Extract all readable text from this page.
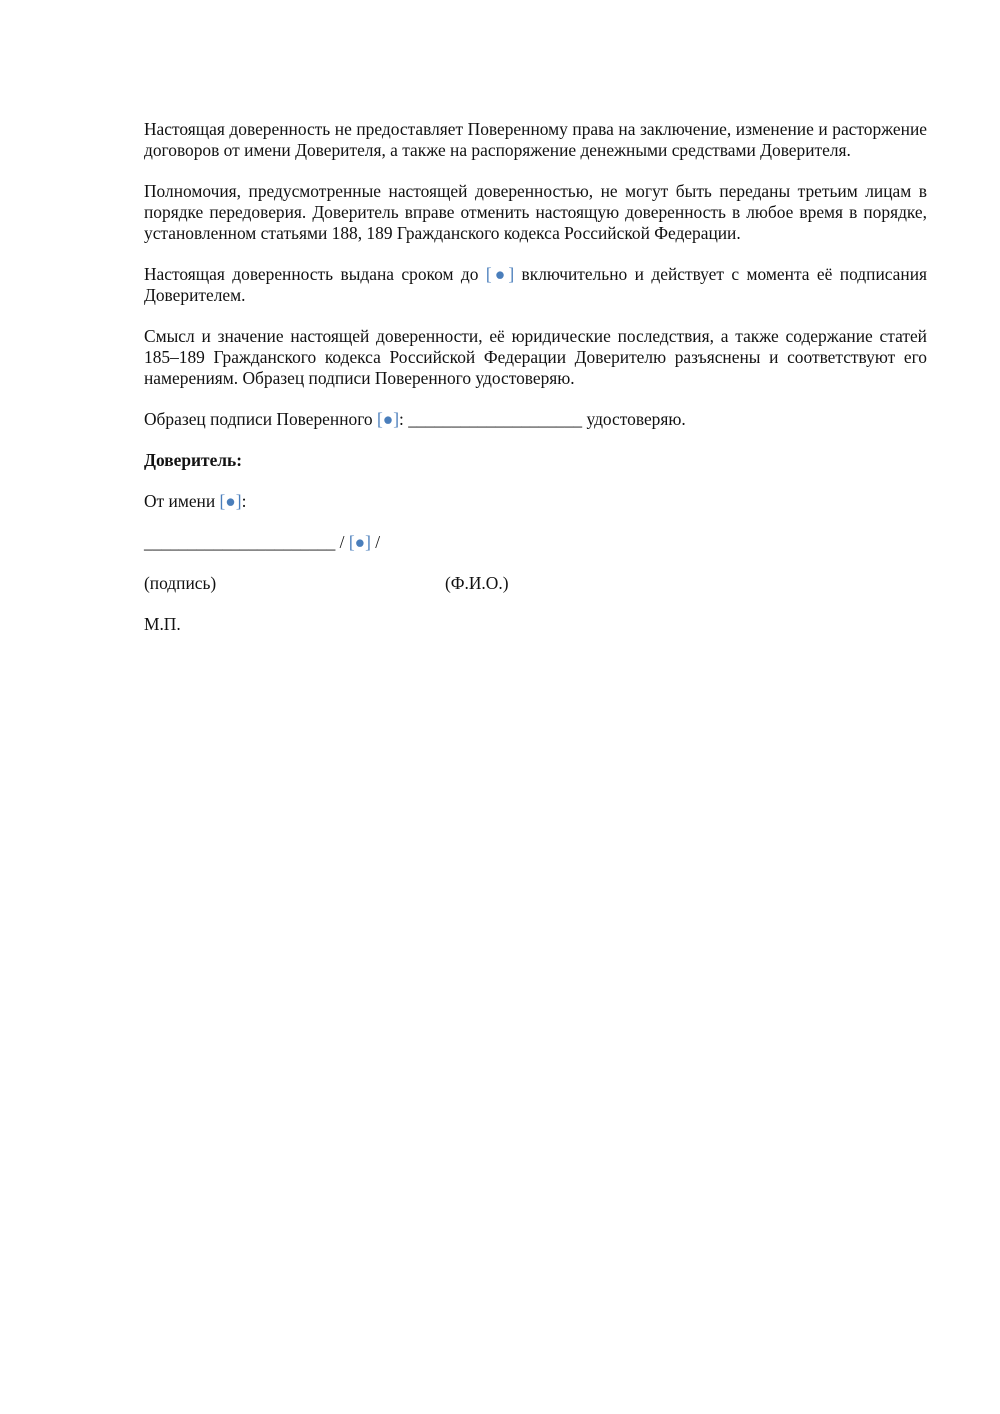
Настоящая доверенность не предоставляет Поверенному права на заключение, изменение и расторжение договоров от имени Доверителя, а также на распоряжение денежными средствами Доверителя.

Полномочия, предусмотренные настоящей доверенностью, не могут быть переданы третьим лицам в порядке передоверия. Доверитель вправе отменить настоящую доверенность в любое время в порядке, установленном статьями 188, 189 Гражданского кодекса Российской Федерации.

Настоящая доверенность выдана сроком до [●] включительно и действует с момента её подписания Доверителем.

Смысл и значение настоящей доверенности, её юридические последствия, а также содержание статей 185–189 Гражданского кодекса Российской Федерации Доверителю разъяснены и соответствуют его намерениям. Образец подписи Поверенного удостоверяю.

Образец подписи Поверенного [●]: ____________________ удостоверяю.

Доверитель:

От имени [●]:

______________________ / [●] /

(подпись)	(Ф.И.О.)

М.П.
